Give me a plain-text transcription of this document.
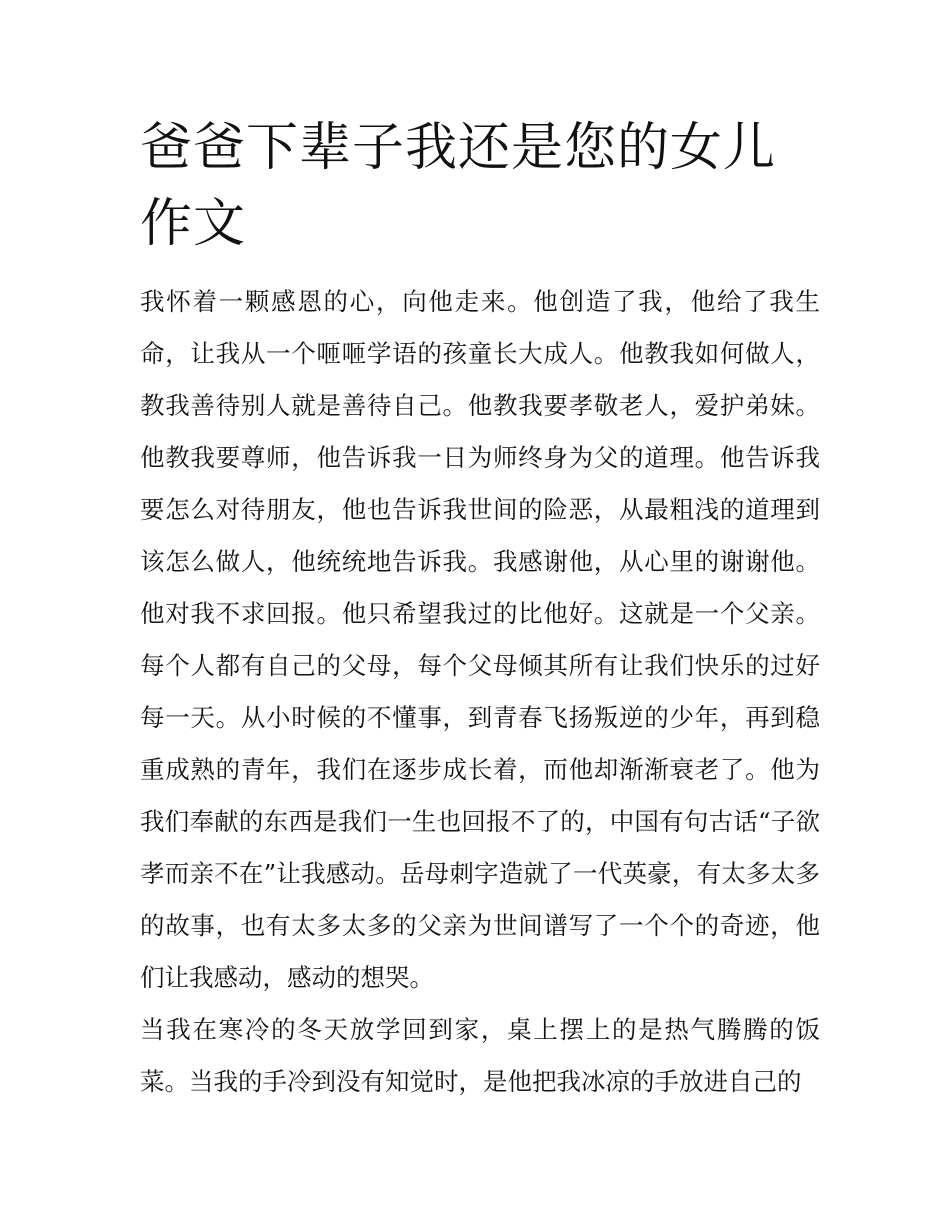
爸爸下辈子我还是您的女儿作文

我怀着一颗感恩的心，向他走来。他创造了我，他给了我生命，让我从一个咂咂学语的孩童长大成人。他教我如何做人，教我善待别人就是善待自己。他教我要孝敬老人，爱护弟妹。他教我要尊师，他告诉我一日为师终身为父的道理。他告诉我要怎么对待朋友，他也告诉我世间的险恶，从最粗浅的道理到该怎么做人，他统统地告诉我。我感谢他，从心里的谢谢他。他对我不求回报。他只希望我过的比他好。这就是一个父亲。每个人都有自己的父母，每个父母倾其所有让我们快乐的过好每一天。从小时候的不懂事，到青春飞扬叛逆的少年，再到稳重成熟的青年，我们在逐步成长着，而他却渐渐衰老了。他为我们奉献的东西是我们一生也回报不了的，中国有句古话“子欲孝而亲不在”让我感动。岳母刺字造就了一代英豪，有太多太多的故事，也有太多太多的父亲为世间谱写了一个个的奇迹，他们让我感动，感动的想哭。

当我在寒冷的冬天放学回到家，桌上摆上的是热气腾腾的饭菜。当我的手冷到没有知觉时，是他把我冰凉的手放进自己的
